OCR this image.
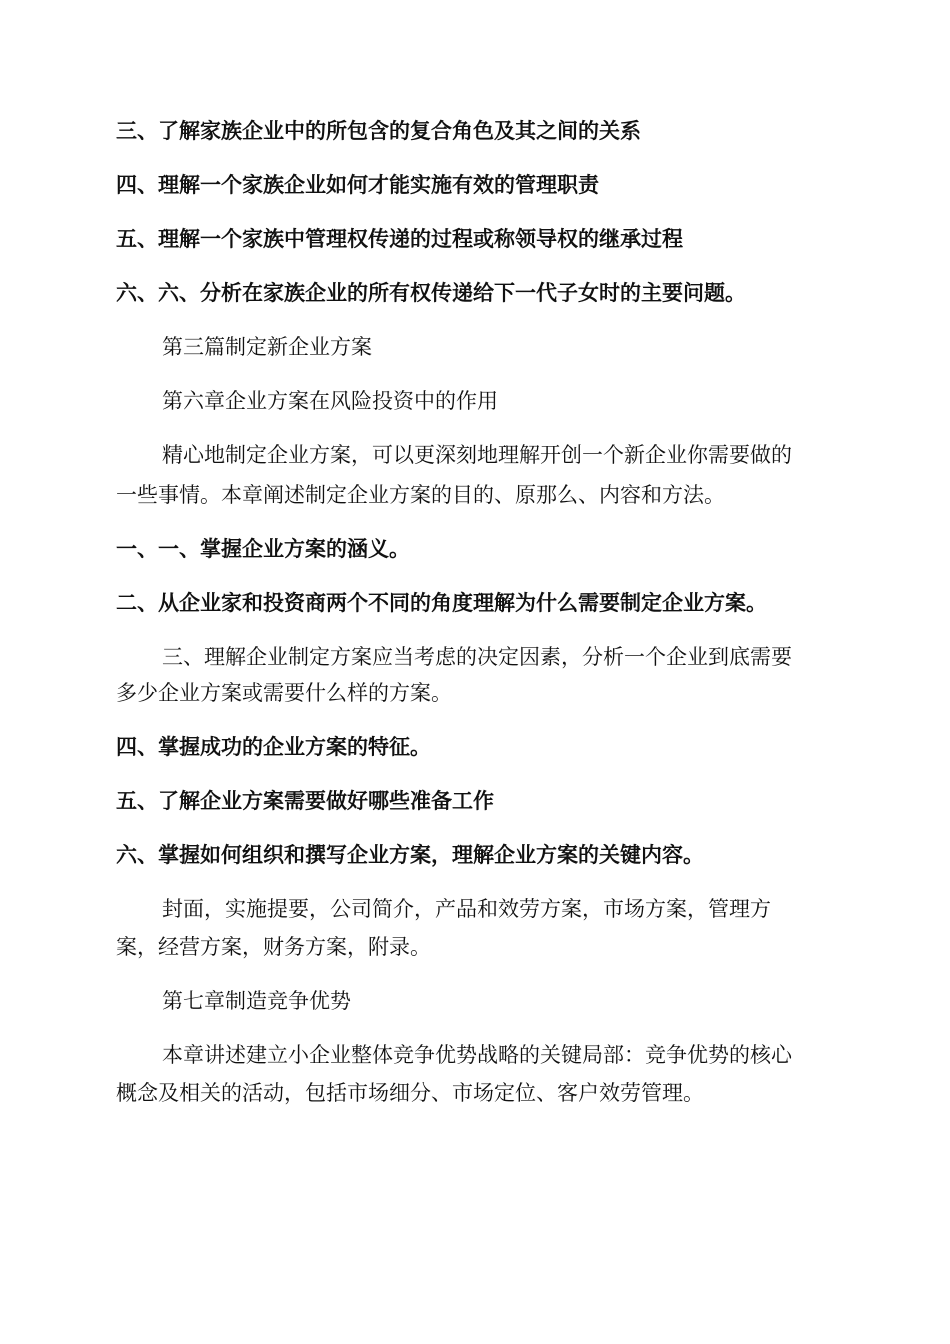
三、了解家族企业中的所包含的复合角色及其之间的关系
四、理解一个家族企业如何才能实施有效的管理职责
五、理解一个家族中管理权传递的过程或称领导权的继承过程
六、六、分析在家族企业的所有权传递给下一代子女时的主要问题。
第三篇制定新企业方案
第六章企业方案在风险投资中的作用
精心地制定企业方案，可以更深刻地理解开创一个新企业你需要做的
一些事情。本章阐述制定企业方案的目的、原那么、内容和方法。
一、一、掌握企业方案的涵义。
二、从企业家和投资商两个不同的角度理解为什么需要制定企业方案。
三、理解企业制定方案应当考虑的决定因素，分析一个企业到底需要
多少企业方案或需要什么样的方案。
四、掌握成功的企业方案的特征。
五、了解企业方案需要做好哪些准备工作
六、掌握如何组织和撰写企业方案，理解企业方案的关键内容。
封面，实施提要，公司简介，产品和效劳方案，市场方案，管理方
案，经营方案，财务方案，附录。
第七章制造竞争优势
本章讲述建立小企业整体竞争优势战略的关键局部：竞争优势的核心
概念及相关的活动，包括市场细分、市场定位、客户效劳管理。
